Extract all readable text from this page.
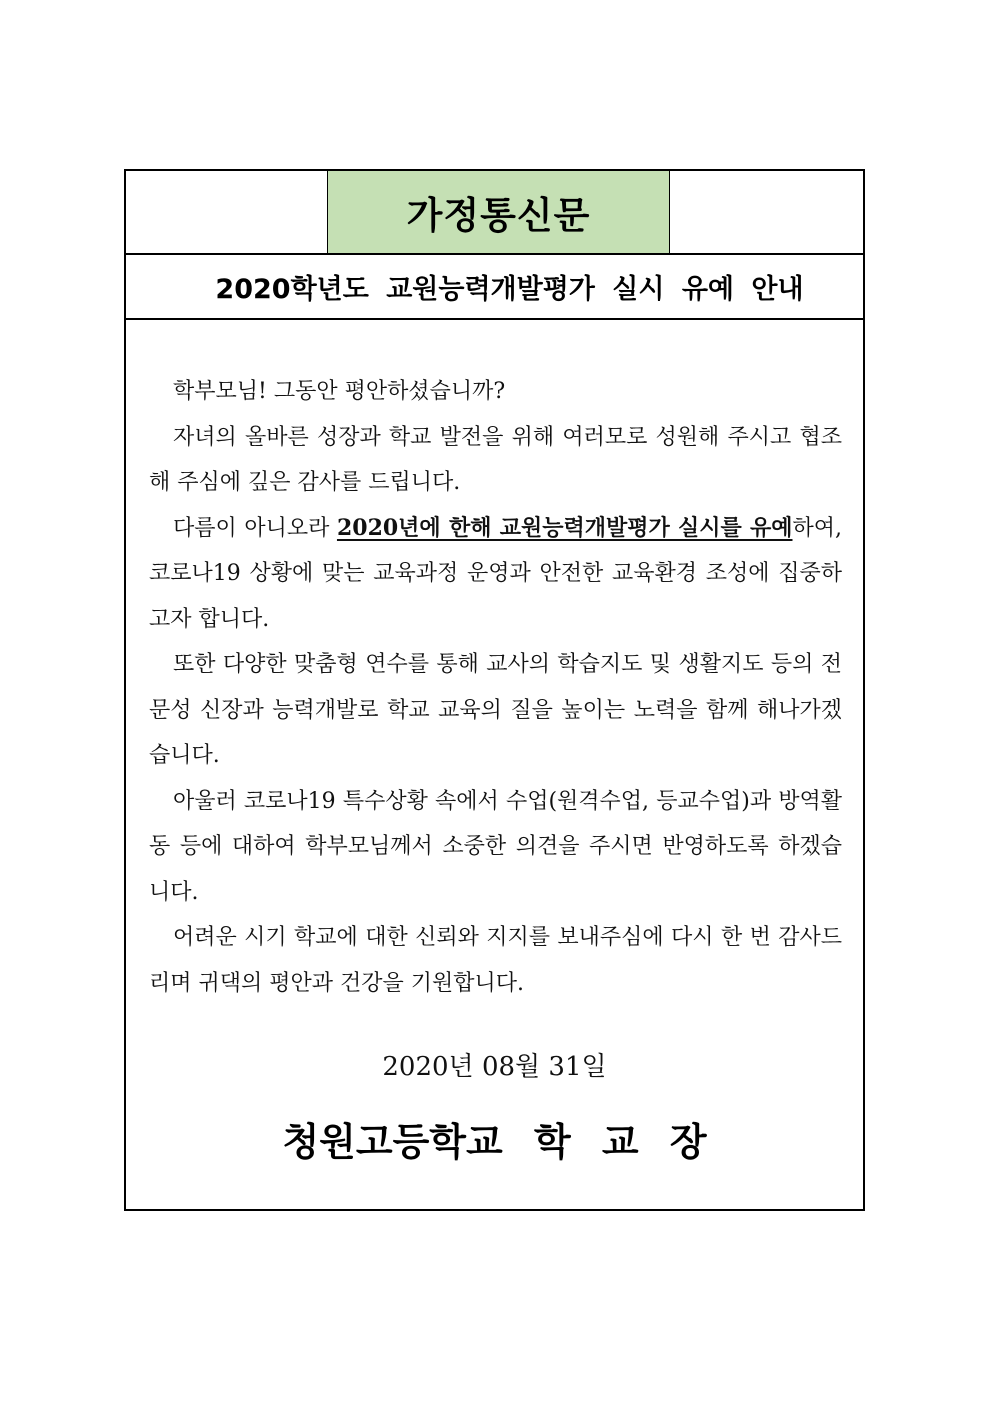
가정통신문
2020학년도 교원능력개발평가 실시 유예 안내

학부모님! 그동안 평안하셨습니까?

자녀의 올바른 성장과 학교 발전을 위해 여러모로 성원해 주시고 협조해 주심에 깊은 감사를 드립니다.

다름이 아니오라 2020년에 한해 교원능력개발평가 실시를 유예하여, 코로나19 상황에 맞는 교육과정 운영과 안전한 교육환경 조성에 집중하고자 합니다.

또한 다양한 맞춤형 연수를 통해 교사의 학습지도 및 생활지도 등의 전문성 신장과 능력개발로 학교 교육의 질을 높이는 노력을 함께 해나가겠습니다.

아울러 코로나19 특수상황 속에서 수업(원격수업, 등교수업)과 방역활동 등에 대하여 학부모님께서 소중한 의견을 주시면 반영하도록 하겠습니다.

어려운 시기 학교에 대한 신뢰와 지지를 보내주심에 다시 한 번 감사드리며 귀댁의 평안과 건강을 기원합니다.

2020년 08월 31일
청원고등학교 학 교 장
